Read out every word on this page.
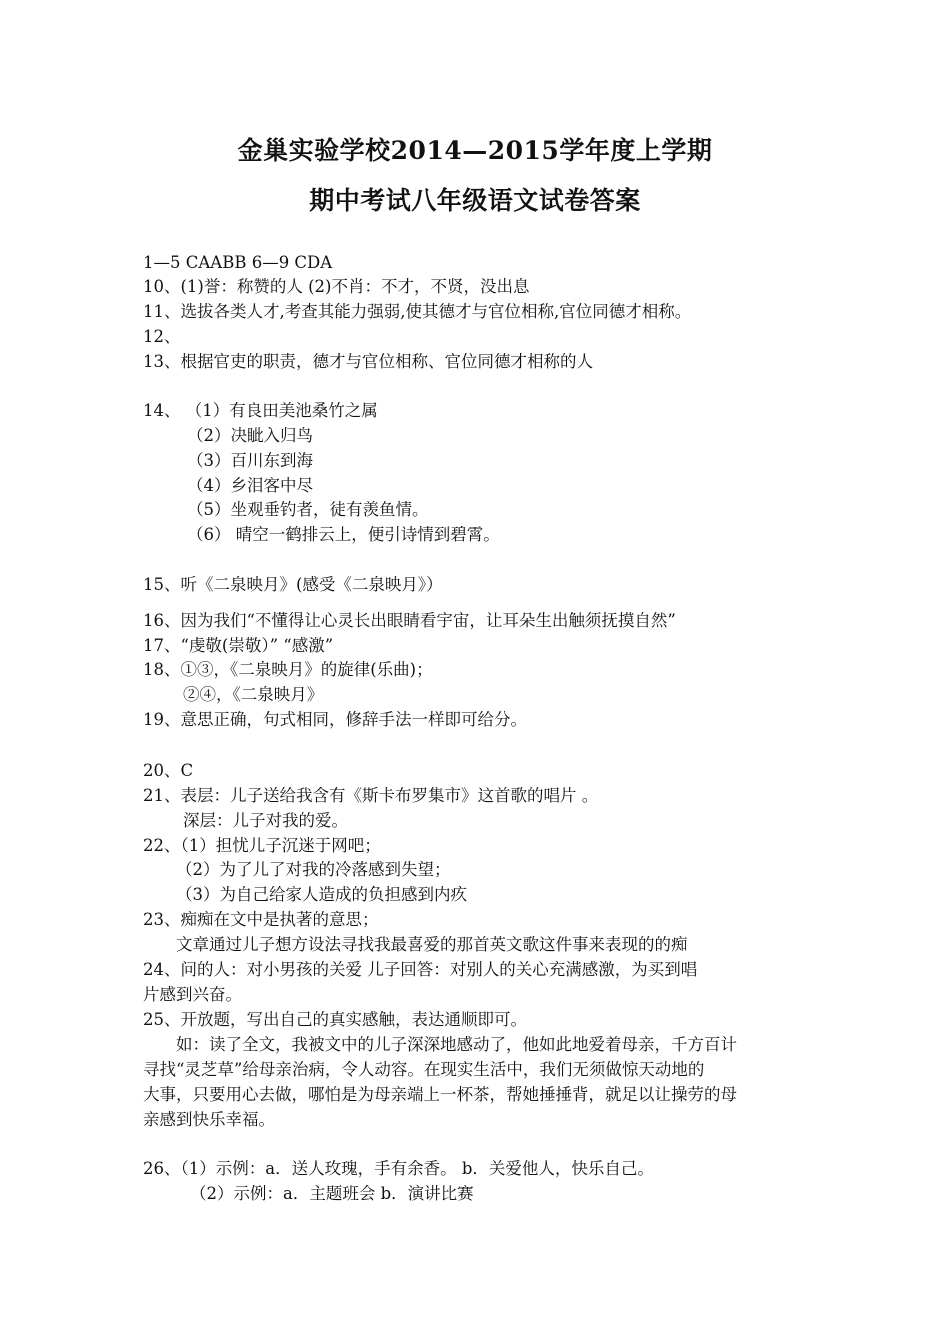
金巢实验学校2014—2015学年度上学期
期中考试八年级语文试卷答案
1—5 CAABB 6—9 CDA
10、(1)誉：称赞的人 (2)不肖：不才，不贤，没出息
11、选拔各类人才,考查其能力强弱,使其德才与官位相称,官位同德才相称。
12、
13、根据官吏的职责，德才与官位相称、官位同德才相称的人
14、 （1）有良田美池桑竹之属
（2）决眦入归鸟
（3）百川东到海
（4）乡泪客中尽
（5）坐观垂钓者，徒有羡鱼情。
（6） 晴空一鹤排云上，便引诗情到碧霄。
15、听《二泉映月》(感受《二泉映月》）
16、因为我们“不懂得让心灵长出眼睛看宇宙，让耳朵生出触须抚摸自然”
17、“虔敬(崇敬）” “感激”
18、①③，《二泉映月》的旋律(乐曲)；
②④，《二泉映月》
19、意思正确，句式相同，修辞手法一样即可给分。
20、C
21、表层：儿子送给我含有《斯卡布罗集市》这首歌的唱片 。
深层：儿子对我的爱。
22、（1）担忧儿子沉迷于网吧；
（2）为了儿了对我的冷落感到失望；
（3）为自己给家人造成的负担感到内疚
23、痴痴在文中是执著的意思；
文章通过儿子想方设法寻找我最喜爱的那首英文歌这件事来表现的的痴
24、问的人：对小男孩的关爱 儿子回答：对别人的关心充满感激，为买到唱
片感到兴奋。
25、开放题，写出自己的真实感触，表达通顺即可。
如：读了全文，我被文中的儿子深深地感动了，他如此地爱着母亲，千方百计
寻找“灵芝草”给母亲治病，令人动容。在现实生活中，我们无须做惊天动地的
大事，只要用心去做，哪怕是为母亲端上一杯茶，帮她捶捶背，就足以让操劳的母
亲感到快乐幸福。
26、（1）示例：a．送人玫瑰，手有余香。 b．关爱他人，快乐自己。
（2）示例：a．主题班会 b．演讲比赛
